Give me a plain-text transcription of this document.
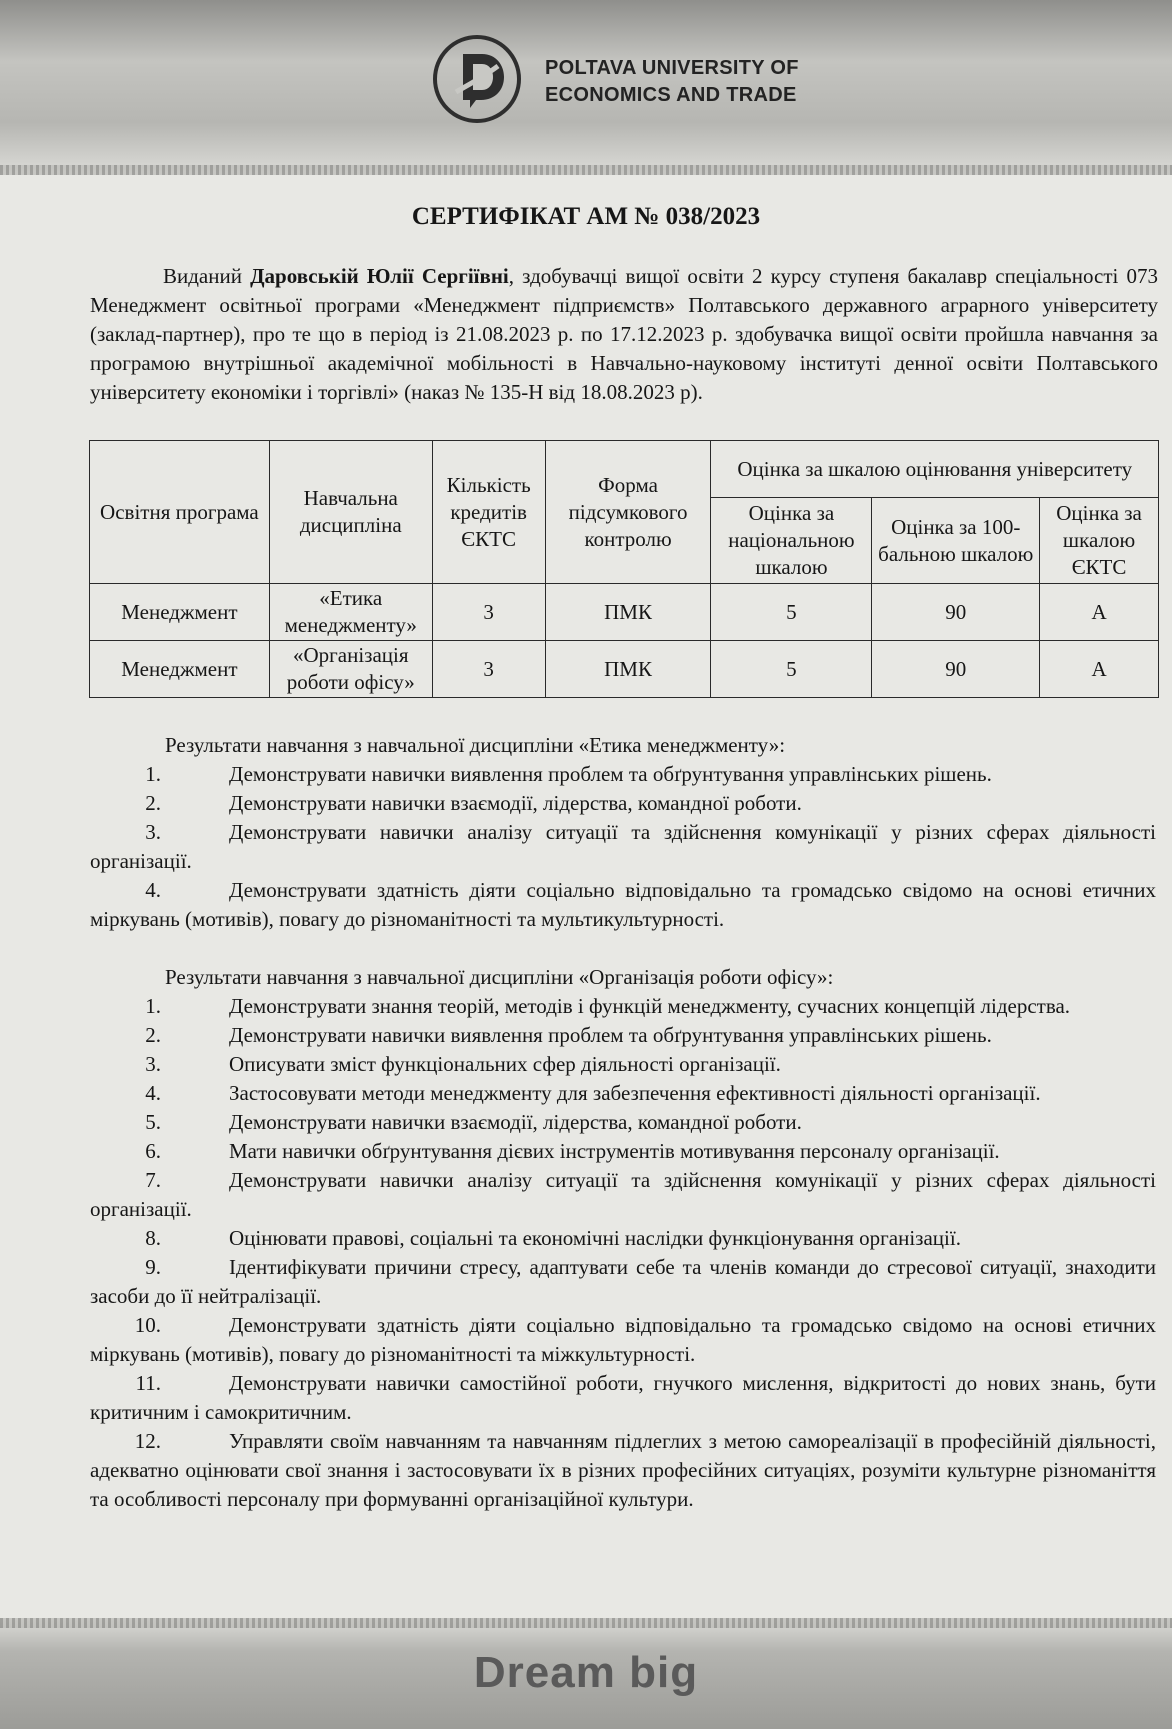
POLTAVA UNIVERSITY OF
ECONOMICS AND TRADE
СЕРТИФІКАТ АМ № 038/2023

Виданий Даровській Юлії Сергіївні, здобувачці вищої освіти 2 курсу ступеня бакалавр спеціальності 073 Менеджмент освітньої програми «Менеджмент підприємств» Полтавського державного аграрного університету (заклад-партнер), про те що в період із 21.08.2023 р. по 17.12.2023 р. здобувачка вищої освіти пройшла навчання за програмою внутрішньої академічної мобільності в Навчально-науковому інституті денної освіти Полтавського університету економіки і торгівлі» (наказ № 135-Н від 18.08.2023 р).

Освітня програма	Навчальна дисципліна	Кількість кредитів ЄКТС	Форма підсумкового контролю	Оцінка за шкалою оцінювання університету		
				Оцінка за національною шкалою	Оцінка за 100-бальною шкалою	Оцінка за шкалою ЄКТС
Менеджмент	«Етика менеджменту»	3	ПМК	5	90	A
Менеджмент	«Організація роботи офісу»	3	ПМК	5	90	A

Результати навчання з навчальної дисципліни «Етика менеджменту»:

1.	Демонструвати навички виявлення проблем та обґрунтування управлінських рішень.

2.	Демонструвати навички взаємодії, лідерства, командної роботи.

3.	Демонструвати навички аналізу ситуації та здійснення комунікації у різних сферах діяльності організації.

4.	Демонструвати здатність діяти соціально відповідально та громадсько свідомо на основі етичних міркувань (мотивів), повагу до різноманітності та мультикультурності.

Результати навчання з навчальної дисципліни «Організація роботи офісу»:

1.	Демонструвати знання теорій, методів і функцій менеджменту, сучасних концепцій лідерства.

2.	Демонструвати навички виявлення проблем та обґрунтування управлінських рішень.

3.	Описувати зміст функціональних сфер діяльності організації.

4.	Застосовувати методи менеджменту для забезпечення ефективності діяльності організації.

5.	Демонструвати навички взаємодії, лідерства, командної роботи.

6.	Мати навички обґрунтування дієвих інструментів мотивування персоналу організації.

7.	Демонструвати навички аналізу ситуації та здійснення комунікації у різних сферах діяльності організації.

8.	Оцінювати правові, соціальні та економічні наслідки функціонування організації.

9.	Ідентифікувати причини стресу, адаптувати себе та членів команди до стресової ситуації, знаходити засоби до її нейтралізації.

10.	Демонструвати здатність діяти соціально відповідально та громадсько свідомо на основі етичних міркувань (мотивів), повагу до різноманітності та міжкультурності.

11.	Демонструвати навички самостійної роботи, гнучкого мислення, відкритості до нових знань, бути критичним і самокритичним.

12.	Управляти своїм навчанням та навчанням підлеглих з метою самореалізації в професійній діяльності, адекватно оцінювати свої знання і застосовувати їх в різних професійних ситуаціях, розуміти культурне різноманіття та особливості персоналу при формуванні організаційної культури.

Dream big
